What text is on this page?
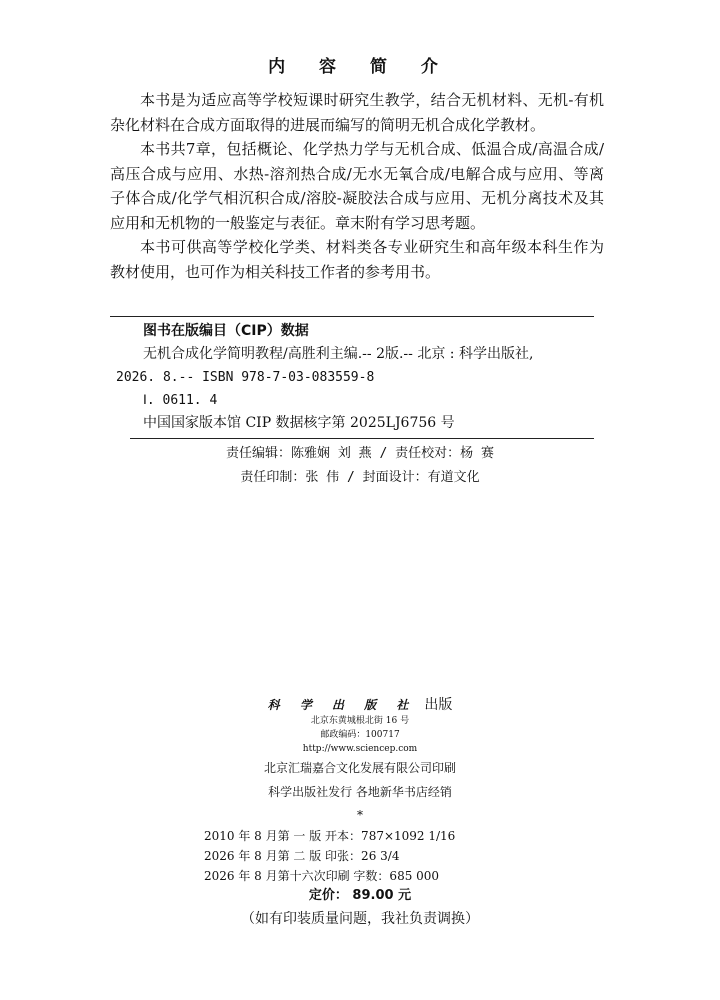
内 容 简 介

本书是为适应高等学校短课时研究生教学，结合无机材料、无机-有机杂化材料在合成方面取得的进展而编写的简明无机合成化学教材。

本书共7章，包括概论、化学热力学与无机合成、低温合成/高温合成/高压合成与应用、水热-溶剂热合成/无水无氧合成/电解合成与应用、等离子体合成/化学气相沉积合成/溶胶-凝胶法合成与应用、无机分离技术及其应用和无机物的一般鉴定与表征。章末附有学习思考题。

本书可供高等学校化学类、材料类各专业研究生和高年级本科生作为教材使用，也可作为相关科技工作者的参考用书。

图书在版编目（CIP）数据
无机合成化学简明教程/高胜利主编.-- 2版.-- 北京 : 科学出版社,
2026. 8.-- ISBN 978-7-03-083559-8
Ⅰ. 0611. 4
中国国家版本馆 CIP 数据核字第 2025LJ6756 号
责任编辑：陈雅娴 刘 燕 / 责任校对：杨 赛
责任印制：张 伟 / 封面设计：有道文化
科 学 出 版 社 出版
北京东黄城根北街 16 号
邮政编码：100717
http://www.sciencep.com
北京汇瑞嘉合文化发展有限公司印刷
科学出版社发行 各地新华书店经销
*
2010 年 8 月第 一 版 开本：787×1092 1/16
2026 年 8 月第 二 版 印张：26 3/4
2026 年 8 月第十六次印刷 字数：685 000
定价： 89.00 元
（如有印装质量问题，我社负责调换）
